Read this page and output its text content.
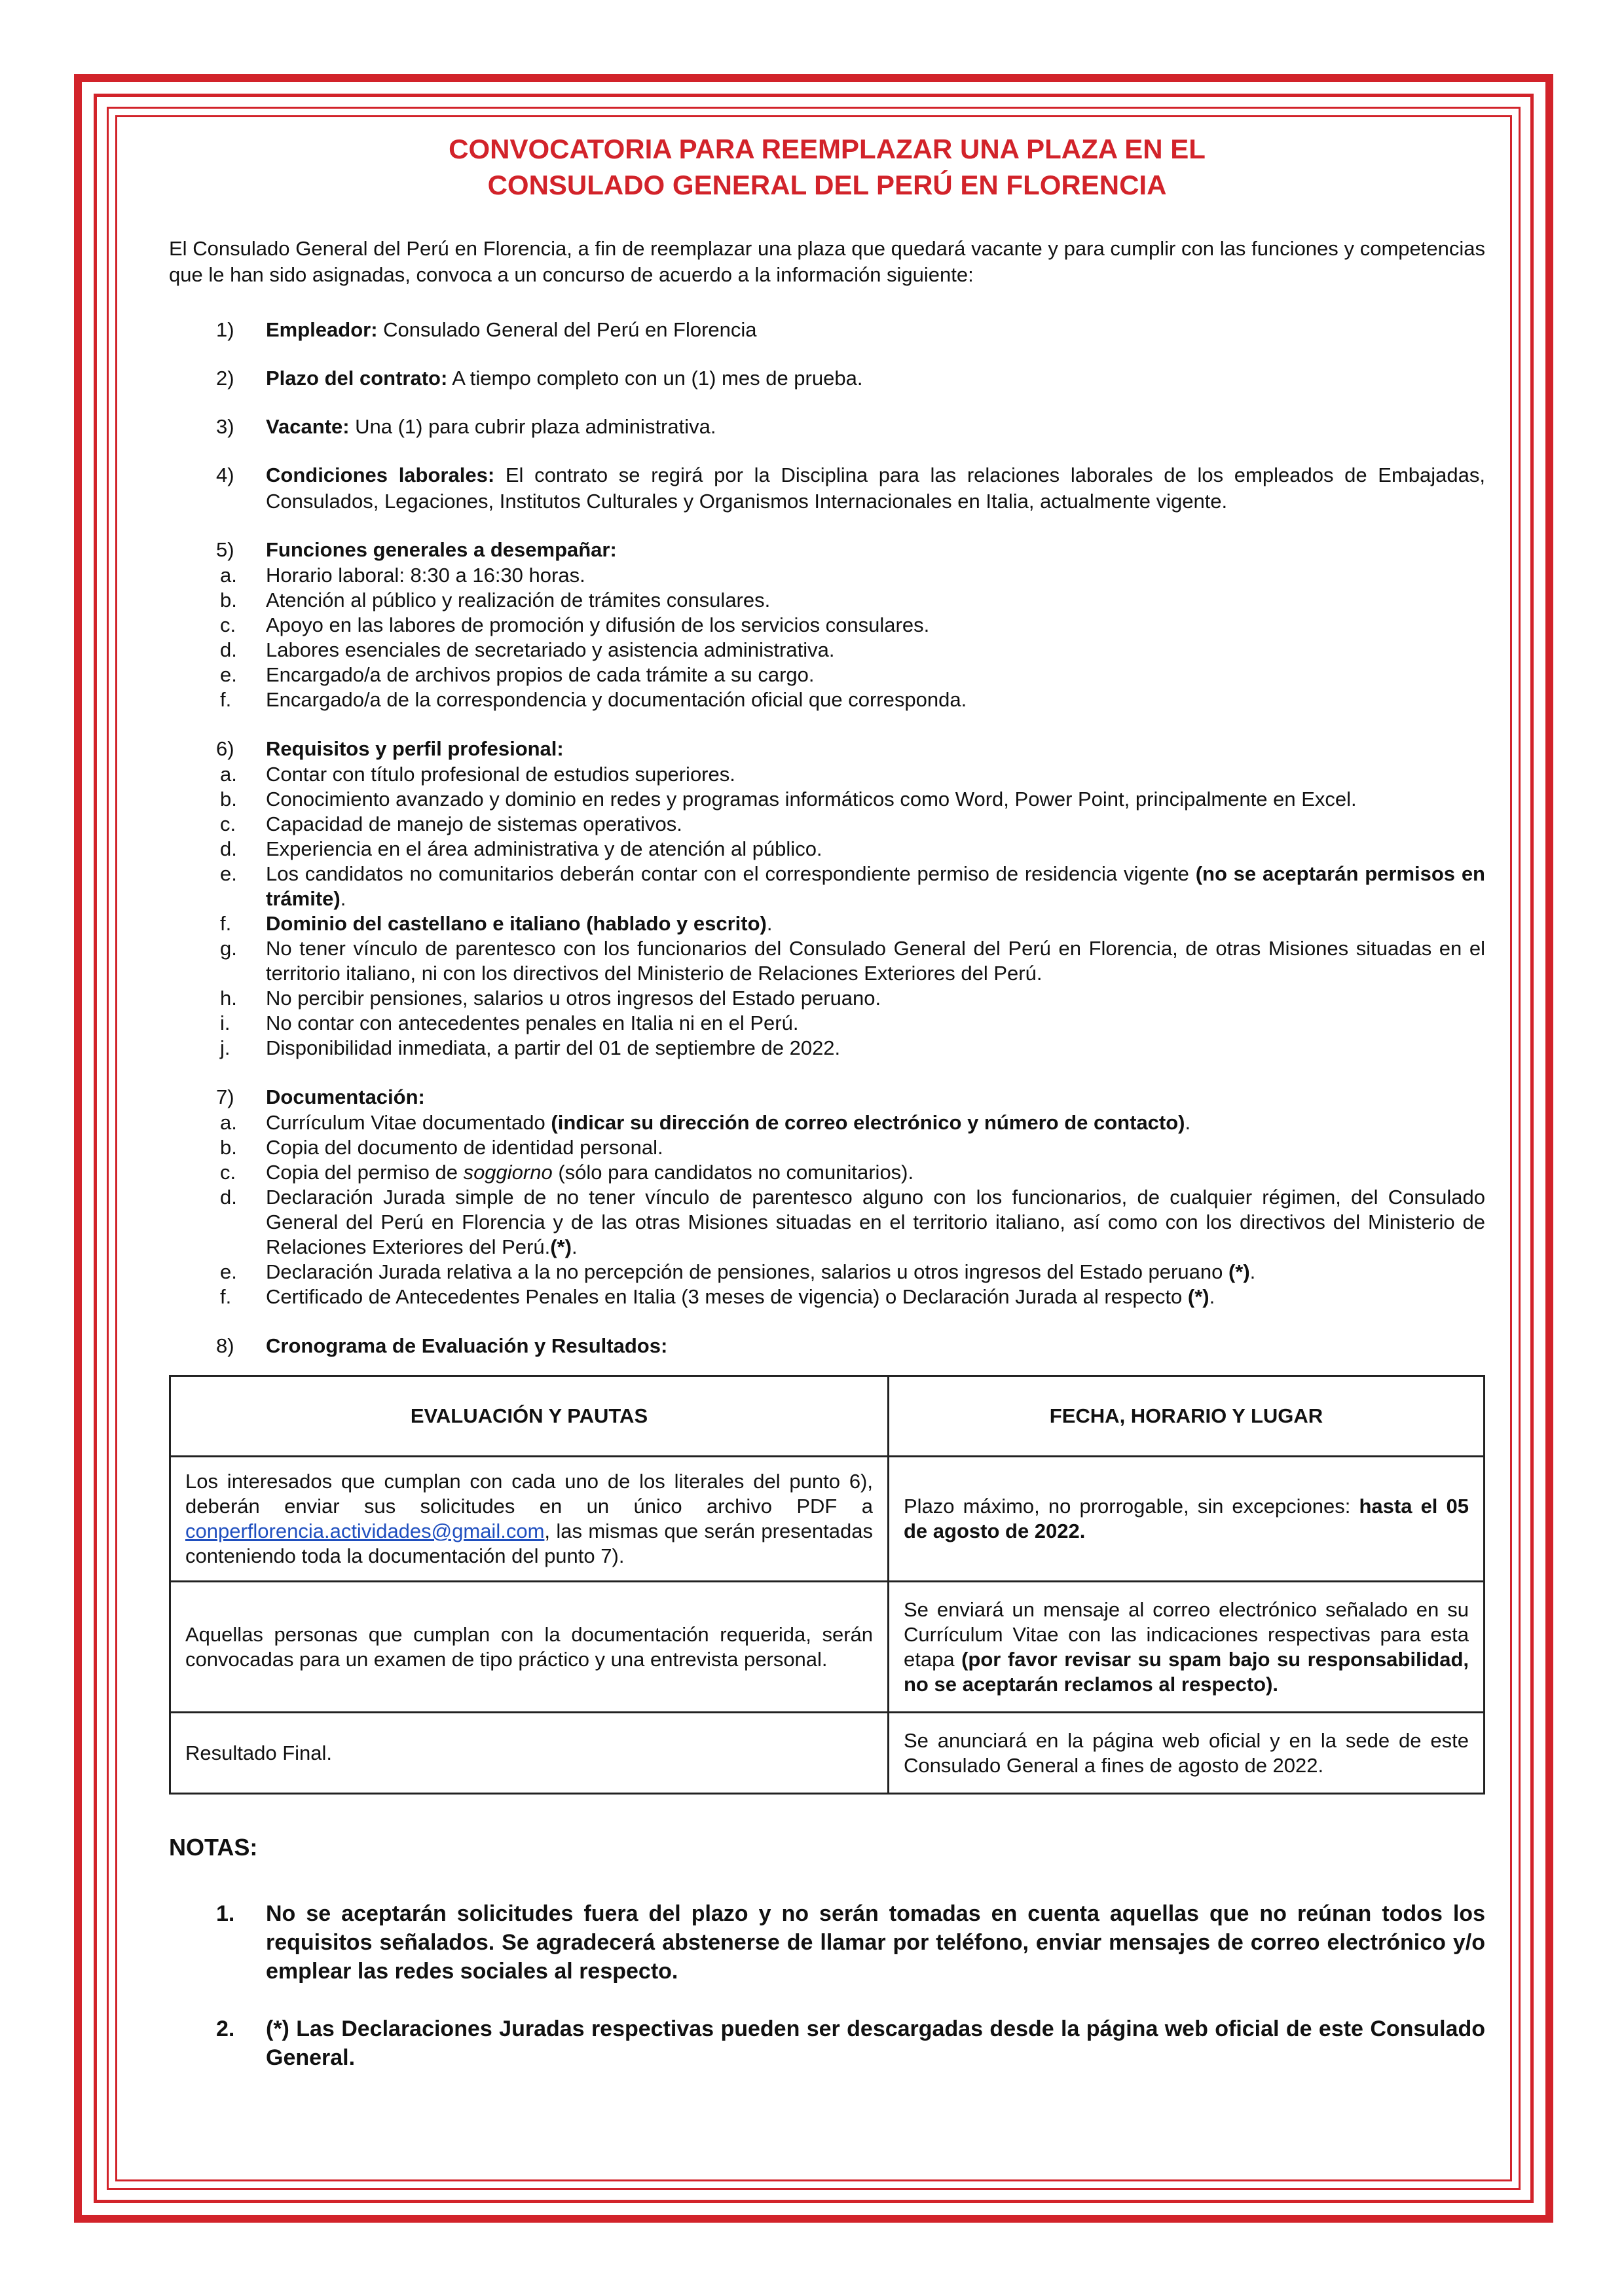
CONVOCATORIA PARA REEMPLAZAR UNA PLAZA EN EL
CONSULADO GENERAL DEL PERÚ EN FLORENCIA

El Consulado General del Perú en Florencia, a fin de reemplazar una plaza que quedará vacante y para cumplir con las funciones y competencias que le han sido asignadas, convoca a un concurso de acuerdo a la información siguiente:

1) Empleador: Consulado General del Perú en Florencia
2) Plazo del contrato: A tiempo completo con un (1) mes de prueba.
3) Vacante: Una (1) para cubrir plaza administrativa.
4) Condiciones laborales: El contrato se regirá por la Disciplina para las relaciones laborales de los empleados de Embajadas, Consulados, Legaciones, Institutos Culturales y Organismos Internacionales en Italia, actualmente vigente.
5) Funciones generales a desempañar:
a. Horario laboral: 8:30 a 16:30 horas.
b. Atención al público y realización de trámites consulares.
c. Apoyo en las labores de promoción y difusión de los servicios consulares.
d. Labores esenciales de secretariado y asistencia administrativa.
e. Encargado/a de archivos propios de cada trámite a su cargo.
f. Encargado/a de la correspondencia y documentación oficial que corresponda.
6) Requisitos y perfil profesional:
a. Contar con título profesional de estudios superiores.
b. Conocimiento avanzado y dominio en redes y programas informáticos como Word, Power Point, principalmente en Excel.
c. Capacidad de manejo de sistemas operativos.
d. Experiencia en el área administrativa y de atención al público.
e. Los candidatos no comunitarios deberán contar con el correspondiente permiso de residencia vigente (no se aceptarán permisos en trámite).
f. Dominio del castellano e italiano (hablado y escrito).
g. No tener vínculo de parentesco con los funcionarios del Consulado General del Perú en Florencia, de otras Misiones situadas en el territorio italiano, ni con los directivos del Ministerio de Relaciones Exteriores del Perú.
h. No percibir pensiones, salarios u otros ingresos del Estado peruano.
i. No contar con antecedentes penales en Italia ni en el Perú.
j. Disponibilidad inmediata, a partir del 01 de septiembre de 2022.
7) Documentación:
a. Currículum Vitae documentado (indicar su dirección de correo electrónico y número de contacto).
b. Copia del documento de identidad personal.
c. Copia del permiso de soggiorno (sólo para candidatos no comunitarios).
d. Declaración Jurada simple de no tener vínculo de parentesco alguno con los funcionarios, de cualquier régimen, del Consulado General del Perú en Florencia y de las otras Misiones situadas en el territorio italiano, así como con los directivos del Ministerio de Relaciones Exteriores del Perú.(*).
e. Declaración Jurada relativa a la no percepción de pensiones, salarios u otros ingresos del Estado peruano (*).
f. Certificado de Antecedentes Penales en Italia (3 meses de vigencia) o Declaración Jurada al respecto (*).
8) Cronograma de Evaluación y Resultados:
EVALUACIÓN Y PAUTAS	FECHA, HORARIO Y LUGAR
Los interesados que cumplan con cada uno de los literales del punto 6), deberán enviar sus solicitudes en un único archivo PDF a conperflorencia.actividades@gmail.com, las mismas que serán presentadas conteniendo toda la documentación del punto 7).	Plazo máximo, no prorrogable, sin excepciones: hasta el 05 de agosto de 2022.
Aquellas personas que cumplan con la documentación requerida, serán convocadas para un examen de tipo práctico y una entrevista personal.	Se enviará un mensaje al correo electrónico señalado en su Currículum Vitae con las indicaciones respectivas para esta etapa (por favor revisar su spam bajo su responsabilidad, no se aceptarán reclamos al respecto).
Resultado Final.	Se anunciará en la página web oficial y en la sede de este Consulado General a fines de agosto de 2022.
NOTAS:
1. No se aceptarán solicitudes fuera del plazo y no serán tomadas en cuenta aquellas que no reúnan todos los requisitos señalados. Se agradecerá abstenerse de llamar por teléfono, enviar mensajes de correo electrónico y/o emplear las redes sociales al respecto.
2. (*) Las Declaraciones Juradas respectivas pueden ser descargadas desde la página web oficial de este Consulado General.
